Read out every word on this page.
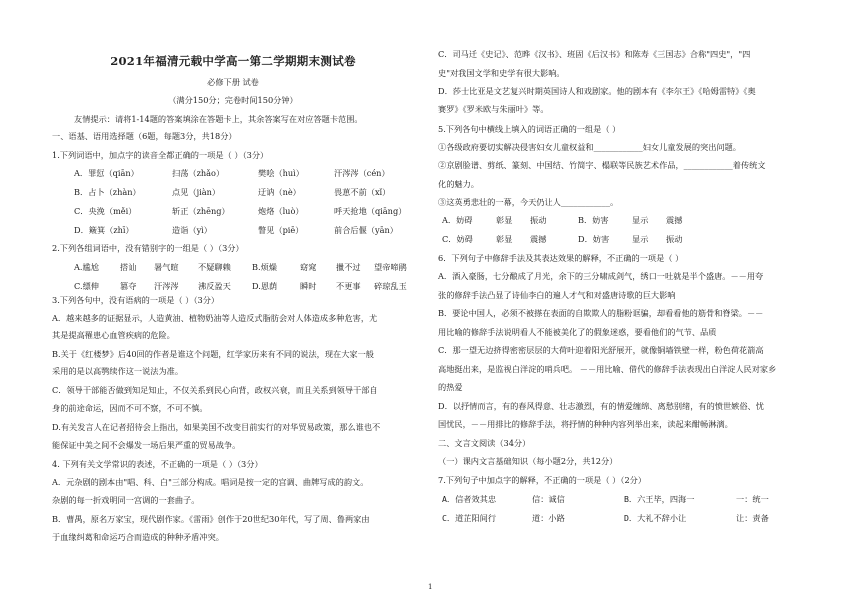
2021年福清元载中学高一第二学期期末测试卷
必修下册 试卷
（满分150分；完卷时间150分钟）
友情提示：请将1-14题的答案填涂在答题卡上，其余答案写在对应答题卡范围。
一、语基、语用选择题（6题，每题3分，共18分）
1.下列词语中，加点字的读音全都正确的一项是（ ）（3分）
A．罪愆（qiān）	扫荡（zhǎo）	樊哙（huì）	汗涔涔（cén）
B．占卜（zhàn）	点见（jiàn）	迂讷（nè）	畏葸不前（xǐ）
C．央浼（měi）	斩正（zhēng）	炮烙（luò）	呼天抢地（qiāng）
D．簸箕（zhī）	造诣（yì）	瞥见（piē）	前合后偃（yān）
2.下列各组词语中，没有错别字的一组是（ ）（3分）
A.尴尬	搭讪 暑气暄 不疑聊赖	B.烦燥	窈窕 擸不过 望帝啼鹃
C.缥伸	篡夺 汗涔涔 沸反盈天	D.恩荫	瞬时 不更事 碎琼乱玉
3.下列各句中，没有语病的一项是（ ）（3分）
A．越来越多的证据显示，人造黄油、植物奶油等人造反式脂肪会对人体造成多种危害，尤
其是提高罹患心血管疾病的危险。
B.关于《红楼梦》后40回的作者是谁这个问题，红学家历来有不同的说法，现在大家一般
采用的是以高鹗续作这一说法为准。
C．领导干部能否做到知足知止，不仅关系到民心向背，政权兴衰，而且关系到领导干部自
身的前途命运，因而不可不察，不可不慎。
D.有关发言人在记者招待会上指出，如果美国不改变目前实行的对华贸易政策，那么谁也不
能保证中美之间不会爆发一场后果严重的贸易战争。
4. 下列有关文学常识的表述，不正确的一项是（ ）（3分）
A．元杂剧的剧本由"唱、科、白"三部分构成。唱词是按一定的宫调、曲牌写成的韵文。
杂剧的每一折戏明同一宫调的一套曲子。
B．曹禺，原名万家宝，现代剧作家。《雷雨》创作于20世纪30年代，写了周、鲁两家由
于血缘纠葛和命运巧合而造成的种种矛盾冲突。
C．司马迁《史记》、范晔《汉书》、班固《后汉书》和陈寿《三国志》合称"四史"，"四
史"对我国文学和史学有很大影响。
D．莎士比亚是文艺复兴时期英国诗人和戏剧家。他的剧本有《李尔王》《哈姆雷特》《奥
赛罗》《罗米欧与朱丽叶》等。
5.下列各句中横线上填入的词语正确的一组是（ ）
①各级政府要切实解决侵害妇女儿童权益和____________妇女儿童发展的突出问题。
②京剧脸谱、剪纸、篆刻、中国结、竹简字、榻联等民族艺术作品，____________着传统文
化的魅力。
③这英勇悲壮的一幕，今天仍让人____________。
A．妨碍	彰显 振动	B．妨害	显示 震撼
C．妨碍	彰显 震撼	D．妨害	显示 振动
6．下列句子中修辞手法及其表达效果的解释，不正确的一项是（ ）
A．酒入豪肠，七分酿成了月光，余下的三分啸成剑气，绣口一吐就是半个盛唐。－－用夸
张的修辞手法凸显了诗仙李白的遍人才气和对盛唐诗歌的巨大影响
B．要论中国人，必须不被搽在表面的自欺欺人的脂粉诓骗，却看看他的筋骨和脊梁。－－
用比喻的修辞手法说明看人不能被美化了的假象迷惑，要看他们的气节、品质
C．那一望无边挤得密密层层的大荷叶迎着阳光舒展开，就像铜墙铁壁一样，粉色荷花箭高
高地挺出来，是监视白洋淀的哨兵吧。 －－用比喻、借代的修辞手法表现出白洋淀人民对家乡
的热爱
D．以抒情而言，有的春风得意、壮志激烈，有的情爱缠绵、离愁别绪，有的愤世嫉俗、忧
国忧民，－－用排比的修辞手法，将抒情的种种内容列举出来，读起来酣畅淋漓。
二、文言文阅读（34分）
（一）课内文言基础知识（每小题2分，共12分）
7.下列句子中加点字的解释，不正确的一项是（ ）（2分）
A．信者效其忠	信：诚信	B．六王毕，四海一	一：统一
C．道芷阳间行	道：小路	D．大礼不辞小让	让：责备
1
